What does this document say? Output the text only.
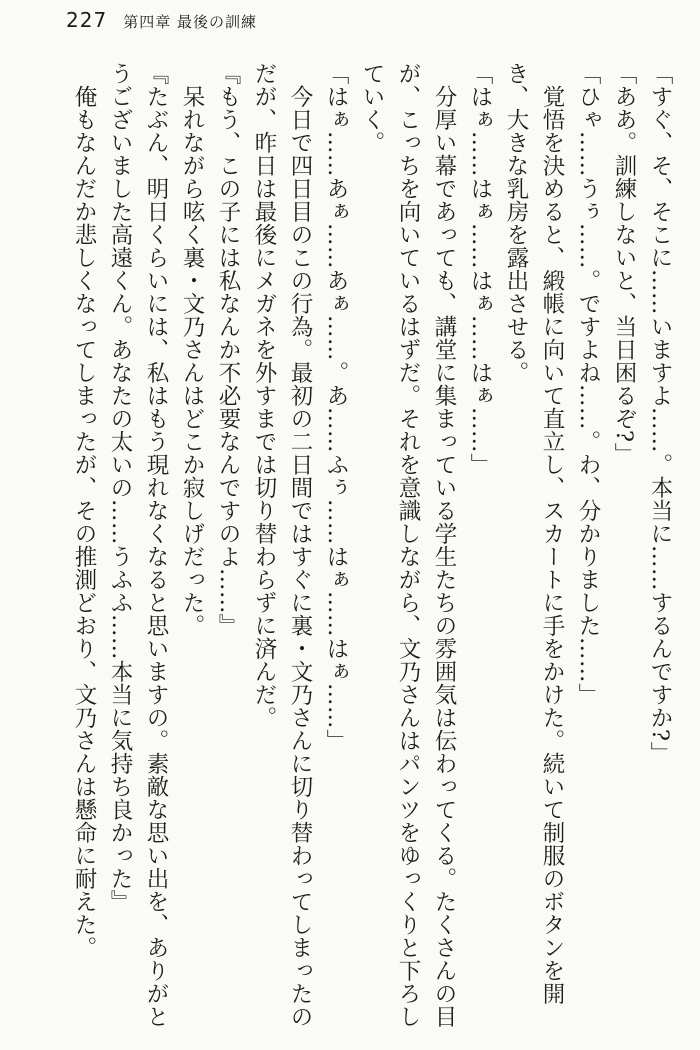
227 第四章 最後の訓練

「すぐ、そ、そこに……いますよ……。本当に……するんですか?」

「ああ。訓練しないと、当日困るぞ?」

「ひゃ……うぅ……。ですよね……。わ、分かりました……」

覚悟を決めると、緞帳に向いて直立し、スカートに手をかけた。続いて制服のボタンを開き、大きな乳房を露出させる。

「はぁ……はぁ……はぁ……はぁ……」

分厚い幕であっても、講堂に集まっている学生たちの雰囲気は伝わってくる。たくさんの目が、こっちを向いているはずだ。それを意識しながら、文乃さんはパンツをゆっくりと下ろしていく。

「はぁ……あぁ……あぁ……。あ……ふぅ……はぁ……はぁ……」

今日で四日目のこの行為。最初の二日間ではすぐに裏・文乃さんに切り替わってしまったのだが、昨日は最後にメガネを外すまでは切り替わらずに済んだ。

『もう、この子には私なんか不必要なんですのよ……』

呆れながら呟く裏・文乃さんはどこか寂しげだった。

『たぶん、明日くらいには、私はもう現れなくなると思いますの。素敵な思い出を、ありがとうございました高遠くん。あなたの太いの……うふふ……本当に気持ち良かった』

俺もなんだか悲しくなってしまったが、その推測どおり、文乃さんは懸命に耐えた。
